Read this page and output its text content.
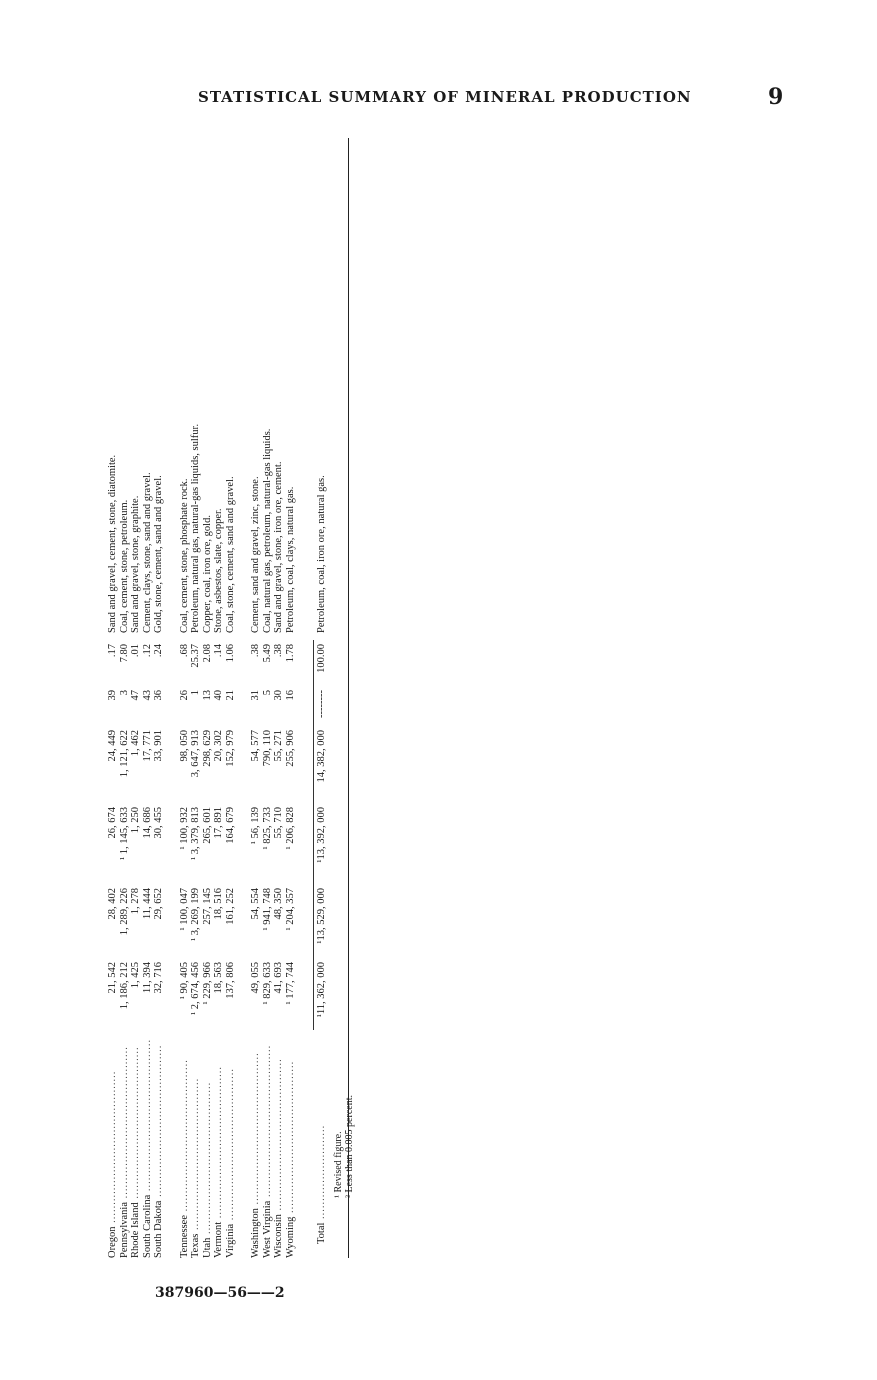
STATISTICAL SUMMARY OF MINERAL PRODUCTION	9
Oregon ..........................................
21, 542
28, 402
26, 674
24, 449
39
.17
Sand and gravel, cement, stone, diatomite.
Pennsylvania ..........................................
1, 186, 212
1, 289, 226
¹ 1, 145, 633
1, 121, 622
3
7.80
Coal, cement, stone, petroleum.
Rhode Island ..........................................
1, 425
1, 278
1, 250
1, 462
47
.01
Sand and gravel, stone, graphite.
South Carolina ..........................................
11, 394
11, 444
14, 686
17, 771
43
.12
Cement, clays, stone, sand and gravel.
South Dakota ..........................................
32, 716
29, 652
30, 455
33, 901
36
.24
Gold, stone, cement, sand and gravel.
Tennessee ..........................................
¹ 90, 405
¹ 100, 047
¹ 100, 932
98, 050
26
.68
Coal, cement, stone, phosphate rock.
Texas ..........................................
¹ 2, 674, 456
¹ 3, 269, 199
¹ 3, 379, 813
3, 647, 913
1
25.37
Petroleum, natural gas, natural-gas liquids, sulfur.
Utah ..........................................
¹ 229, 966
257, 145
265, 601
298, 629
13
2.08
Copper, coal, iron ore, gold.
Vermont ..........................................
18, 563
18, 516
17, 891
20, 302
40
.14
Stone, asbestos, slate, copper.
Virginia ..........................................
137, 806
161, 252
164, 679
152, 979
21
1.06
Coal, stone, cement, sand and gravel.
Washington ..........................................
49, 055
54, 554
¹ 56, 139
54, 577
31
.38
Cement, sand and gravel, zinc, stone.
West Virginia ..........................................
¹ 829, 633
¹ 941, 748
¹ 825, 733
790, 110
5
5.49
Coal, natural gas, petroleum, natural-gas liquids.
Wisconsin ..........................................
41, 693
48, 350
55, 710
55, 271
30
.38
Sand and gravel, stone, iron ore, cement.
Wyoming ..........................................
¹ 177, 744
¹ 204, 357
¹ 206, 828
255, 906
16
1.78
Petroleum, coal, clays, natural gas.
Total ..........................
¹11, 362, 000
¹13, 529, 000
¹13, 392, 000
14, 382, 000
--------
100.00
Petroleum, coal, iron ore, natural gas.
¹ Revised figure. ² Less than 0.005 percent.
387960—56——2
